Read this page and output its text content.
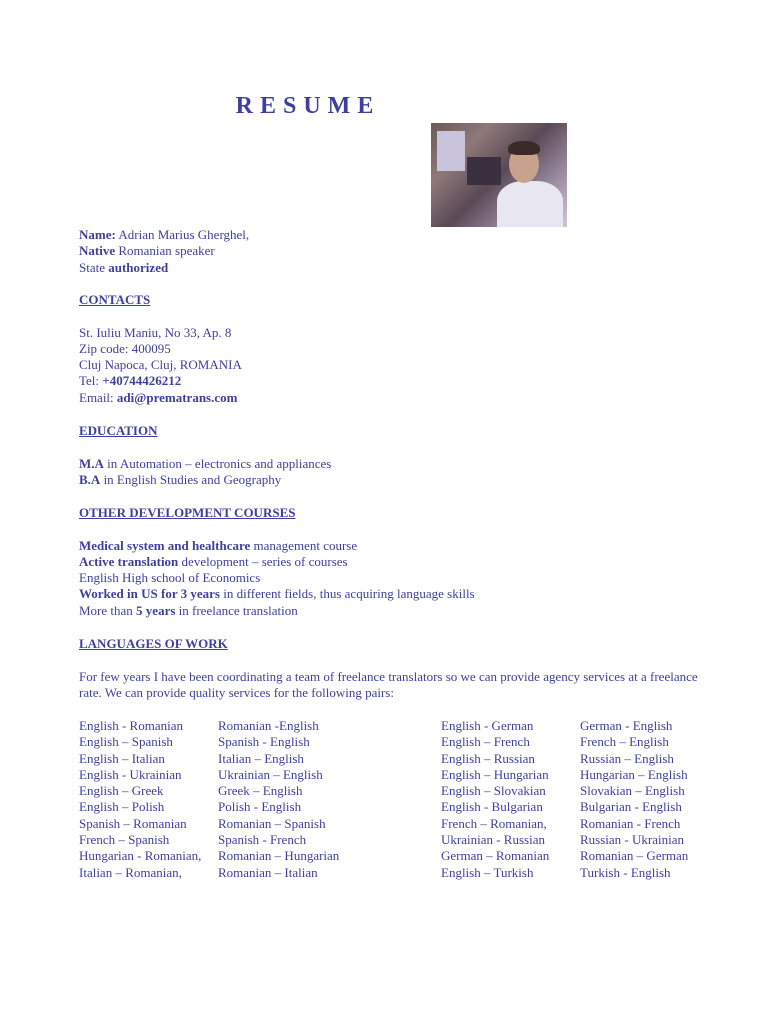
RESUME
Name: Adrian Marius Gherghel,
Native Romanian speaker
State authorized
CONTACTS
St. Iuliu Maniu, No 33, Ap. 8
Zip code: 400095
Cluj Napoca, Cluj, ROMANIA
Tel: +40744426212
Email: adi@prematrans.com
EDUCATION
M.A in Automation – electronics and appliances
B.A in English Studies and Geography
OTHER DEVELOPMENT COURSES
Medical system and healthcare management course
Active translation development – series of courses
English High school of Economics
Worked in US for 3 years in different fields, thus acquiring language skills
More than 5 years in freelance translation
LANGUAGES OF WORK
For few years I have been coordinating a team of freelance translators so we can provide agency services at a freelance rate. We can provide quality services for the following pairs:
English - Romanian
English – Spanish
English – Italian
English - Ukrainian
English – Greek
English – Polish
Spanish – Romanian
French – Spanish
Hungarian - Romanian,
Italian – Romanian,
Romanian -English
Spanish - English
Italian – English
Ukrainian – English
Greek – English
Polish - English
Romanian – Spanish
Spanish - French
Romanian – Hungarian
Romanian – Italian
English - German
English – French
English – Russian
English – Hungarian
English – Slovakian
English - Bulgarian
French – Romanian,
Ukrainian - Russian
German – Romanian
English – Turkish
German - English
French – English
Russian – English
Hungarian – English
Slovakian – English
Bulgarian - English
Romanian - French
Russian - Ukrainian
Romanian – German
Turkish - English
